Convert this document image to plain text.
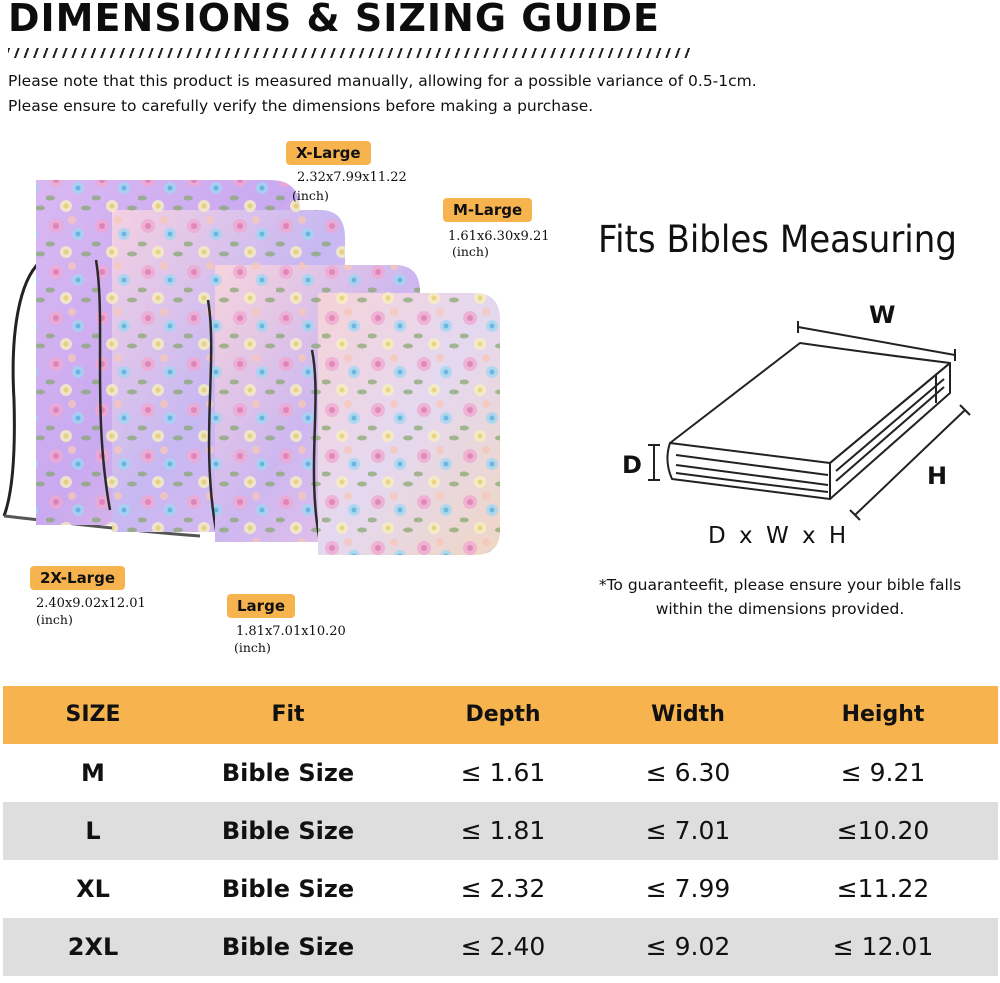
DIMENSIONS & SIZING GUIDE
Please note that this product is measured manually, allowing for a possible variance of 0.5-1cm.
Please ensure to carefully verify the dimensions before making a purchase.
X-Large
2.32x7.99x11.22
(inch)
M-Large
1.61x6.30x9.21
(inch)
2X-Large
2.40x9.02x12.01
(inch)
Large
1.81x7.01x10.20
(inch)
Fits Bibles Measuring
W
D	H
D x W x H
*To guaranteefit, please ensure your bible falls
within the dimensions provided.
SIZE	Fit	Depth	Width	Height
M	Bible Size	≤ 1.61	≤ 6.30	≤ 9.21
L	Bible Size	≤ 1.81	≤ 7.01	≤10.20
XL	Bible Size	≤ 2.32	≤ 7.99	≤11.22
2XL	Bible Size	≤ 2.40	≤ 9.02	≤ 12.01
